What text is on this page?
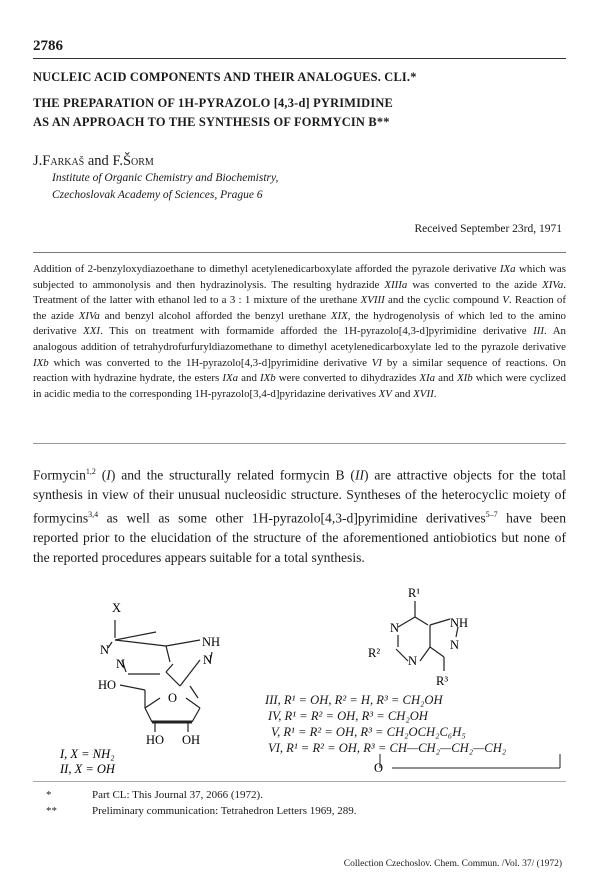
2786
NUCLEIC ACID COMPONENTS AND THEIR ANALOGUES. CLI.*
THE PREPARATION OF 1H-PYRAZOLO [4,3-d] PYRIMIDINE
AS AN APPROACH TO THE SYNTHESIS OF FORMYCIN B**
J.Farkaš and F.Šorm
Institute of Organic Chemistry and Biochemistry,
Czechoslovak Academy of Sciences, Prague 6
Received September 23rd, 1971
Addition of 2-benzyloxydiazoethane to dimethyl acetylenedicarboxylate afforded the pyrazole derivative IXa which was subjected to ammonolysis and then hydrazinolysis. The resulting hydrazide XIIIa was converted to the azide XIVa. Treatment of the latter with ethanol led to a 3 : 1 mixture of the urethane XVIII and the cyclic compound V. Reaction of the azide XIVa and benzyl alcohol afforded the benzyl urethane XIX, the hydrogenolysis of which led to the amino derivative XXI. This on treatment with formamide afforded the 1H-pyrazolo[4,3-d]pyrimidine derivative III. An analogous addition of tetrahydrofurfuryldiazomethane to dimethyl acetylenedicarboxylate led to the pyrazole derivative IXb which was converted to the 1H-pyrazolo[4,3-d]pyrimidine derivative VI by a similar sequence of reactions. On reaction with hydrazine hydrate, the esters IXa and IXb were converted to dihydrazides XIa and XIb which were cyclized in acidic media to the corresponding 1H-pyrazolo[3,4-d]pyridazine derivatives XV and XVII.
Formycin$^{1,2}$ (I) and the structurally related formycin B (II) are attractive objects for the total synthesis in view of their unusual nucleosidic structure. Syntheses of the heterocyclic moiety of formycins$^{3,4}$ as well as some other 1H-pyrazolo[4,3-d]pyrimidine derivatives$^{5-7}$ have been reported prior to the elucidation of the structure of the aforementioned antiobiotics but none of the reported procedures appears suitable for a total synthesis.
X
N
NH
N	N
HO
O
HO OH
I, X = NH₂
II, X = OH
R¹
N	NH
R²
N
N
R³
III, R¹ = OH, R² = H, R³ = CH₂OH
IV, R¹ = R² = OH, R³ = CH₂OH
V, R¹ = R² = OH, R³ = CH₂OCH₂C₆H₅
VI, R¹ = R² = OH, R³ = CH—CH₂—CH₂—CH₂
O
*	Part CL: This Journal 37, 2066 (1972).
**	Preliminary communication: Tetrahedron Letters 1969, 289.
Collection Czechoslov. Chem. Commun. /Vol. 37/ (1972)
